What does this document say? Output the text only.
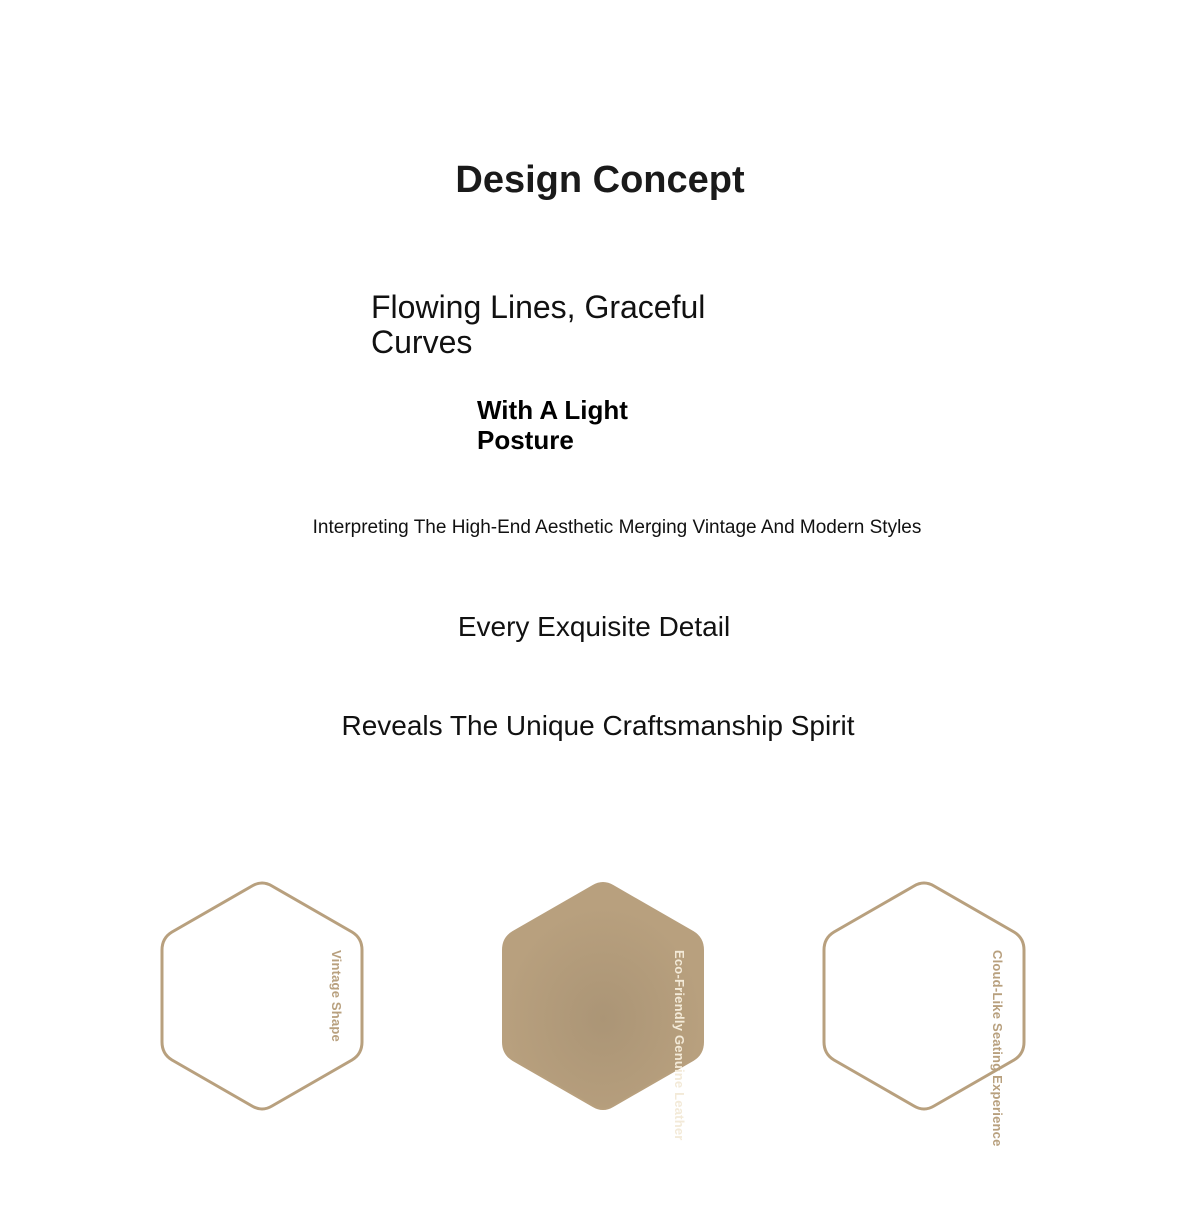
Design Concept
Flowing Lines, Graceful Curves
With A Light Posture
Interpreting The High-End Aesthetic Merging Vintage And Modern Styles
Every Exquisite Detail
Reveals The Unique Craftsmanship Spirit
Vintage Shape	Eco-Friendly Genuine Leather	Cloud-Like Seating Experience
